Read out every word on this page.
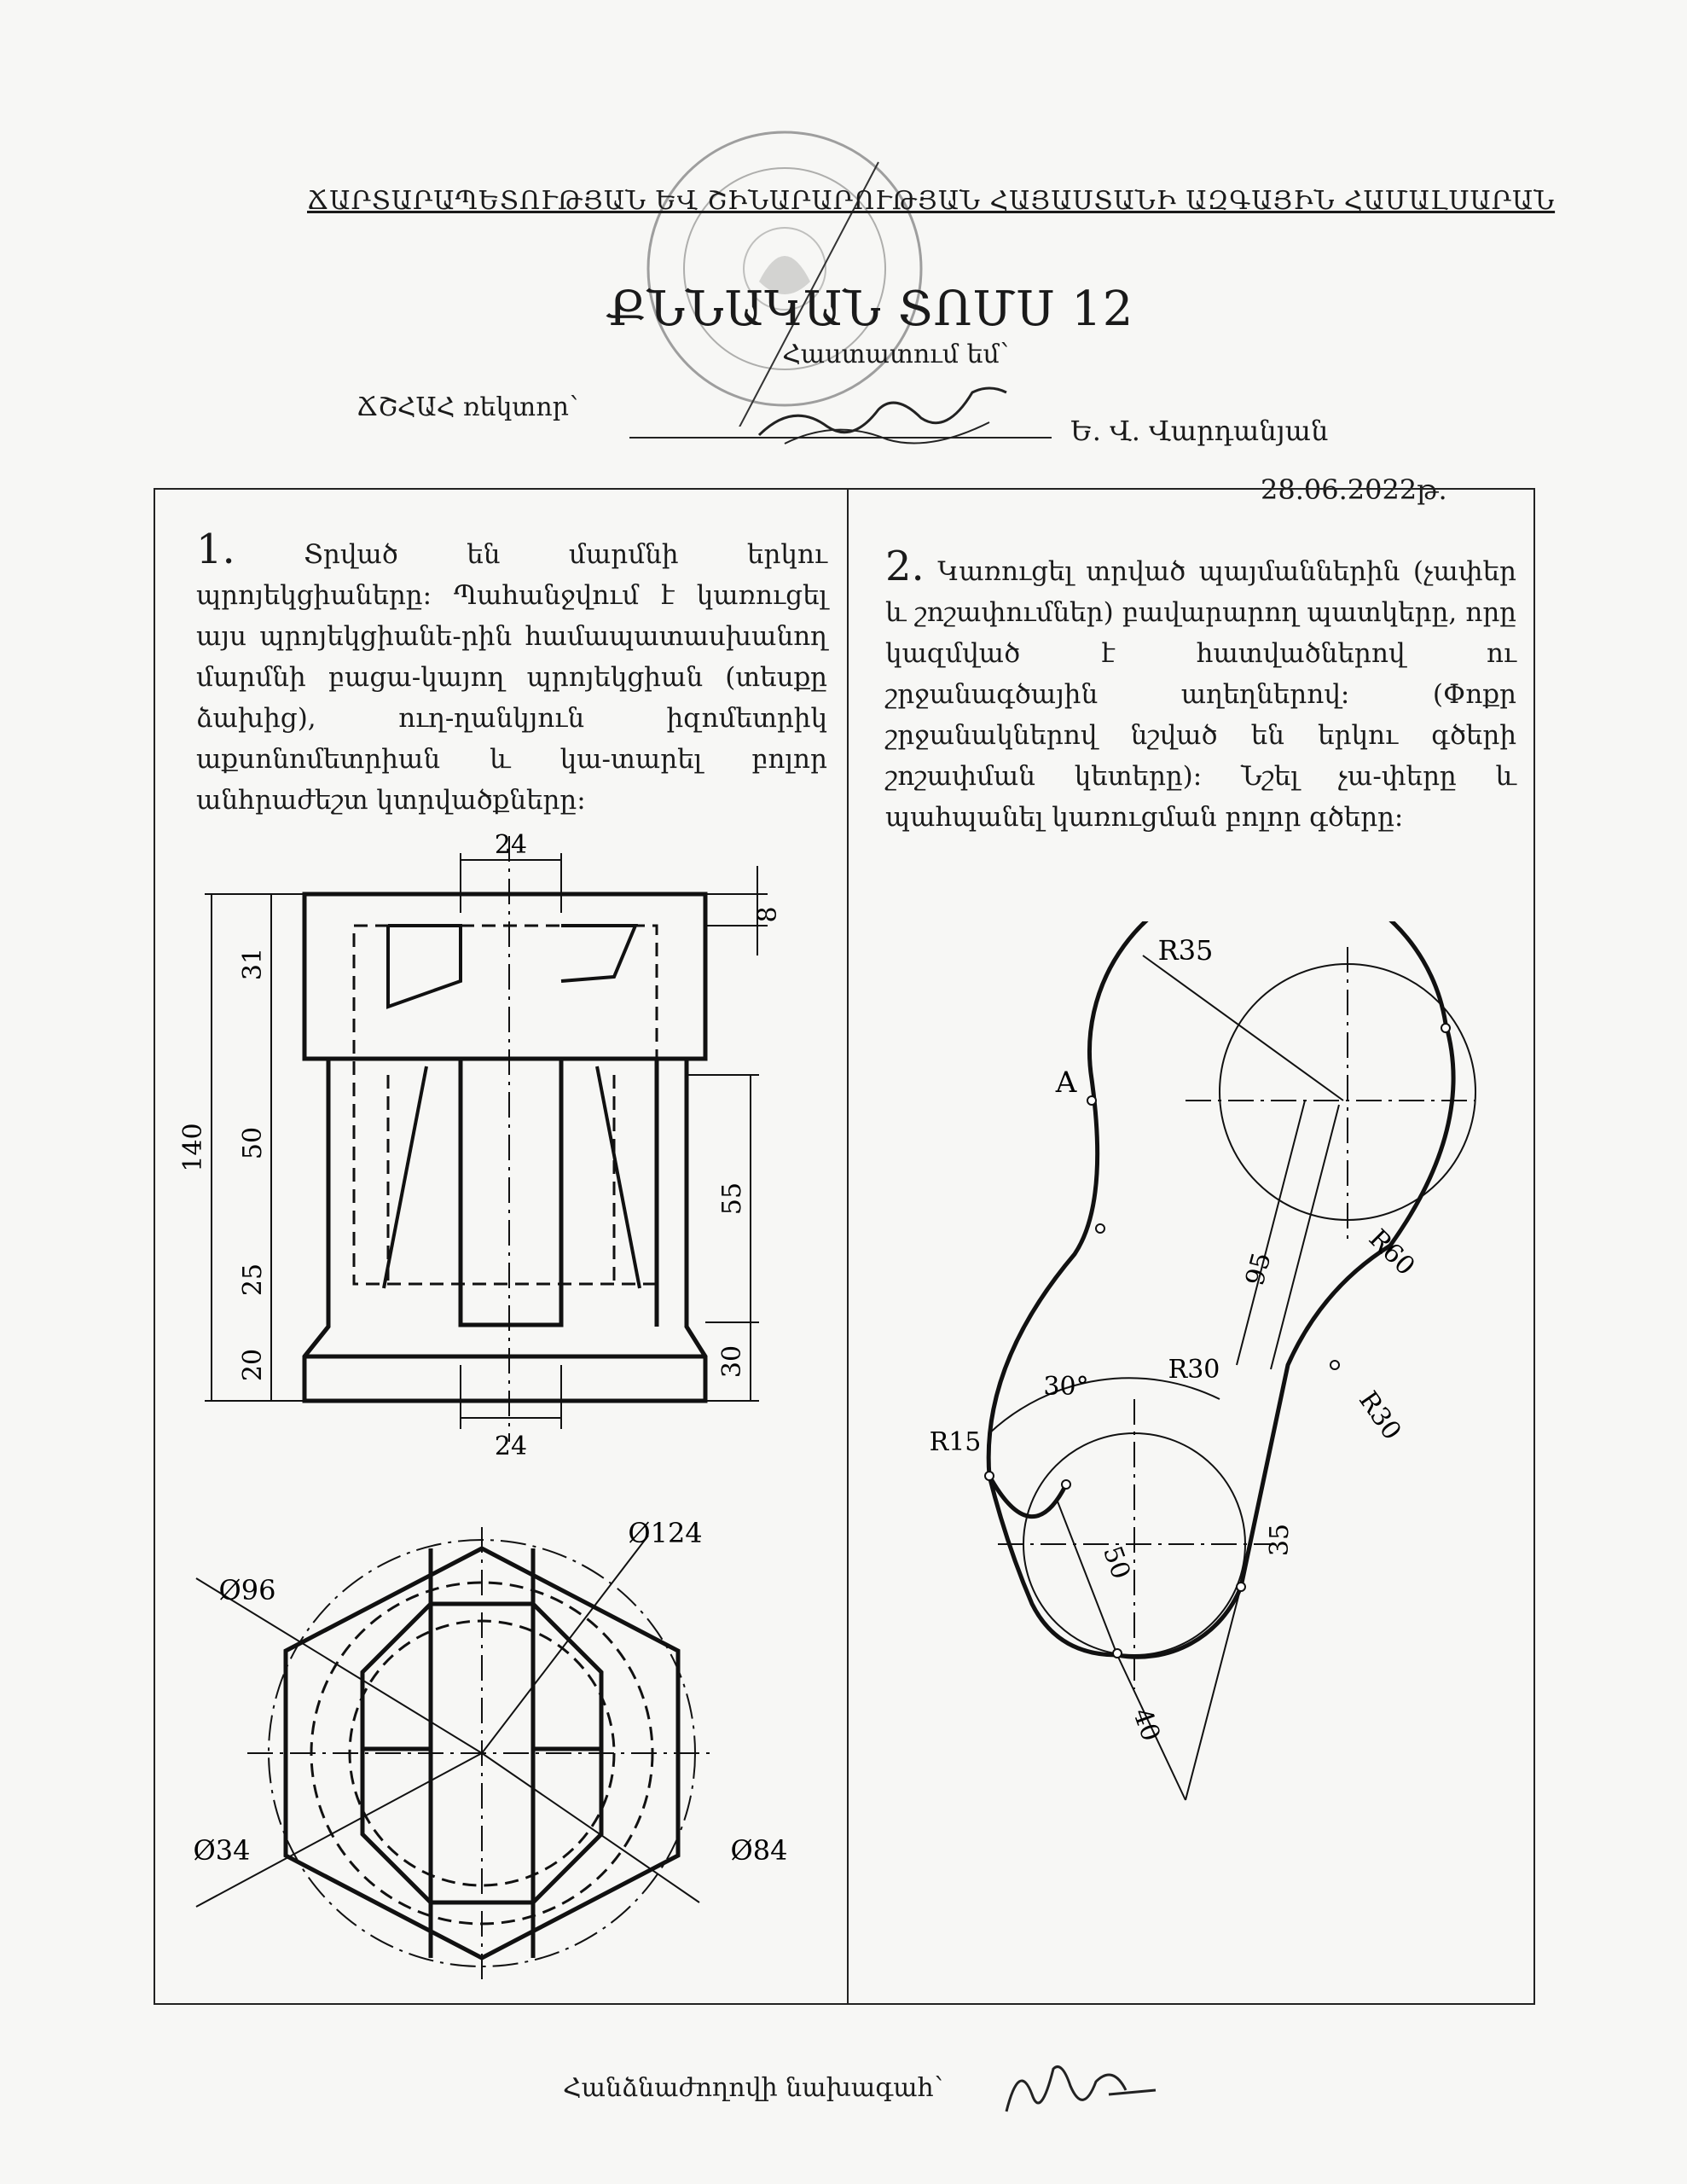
ՃԱՐՏԱՐԱՊԵՏՈՒԹՅԱՆ ԵՎ ՇԻՆԱՐԱՐՈՒԹՅԱՆ ՀԱՅԱՍՏԱՆԻ ԱԶԳԱՅԻՆ ՀԱՄԱԼՍԱՐԱՆ
ՔՆՆԱԿԱՆ ՏՈՄՍ 12
Հաստատում եմ՝
ՃՇՀԱՀ ռեկտոր՝
Ե. Վ. Վարդանյան
28.06.2022թ.
1.	Տրված են մարմնի երկու պրոյեկցիաները: Պահանջվում է կառուցել այս պրոյեկցիանե-րին համապատասխանող մարմնի բացա-կայող պրոյեկցիան (տեսքը ձախից), ուղ-ղանկյուն իզոմետրիկ աքսոնոմետրիան և կա-տարել բոլոր անհրաժեշտ կտրվածքները:
2. Կառուցել տրված պայմաններին (չափեր և շոշափումներ) բավարարող պատկերը, որը կազմված է հատվածներով ու շրջանագծային աղեղներով: (Փոքր շրջանակներով նշված են երկու գծերի շոշափման կետերը): Նշել չա-փերը և պահպանել կառուցման բոլոր գծերը:
24
24
8
31
140 50
55
25
20	30
Ø124
Ø96
Ø34	Ø84
R35
A
R60
95
30°
R30
R30
R15
35
50
40
Հանձնաժողովի նախագահ՝
